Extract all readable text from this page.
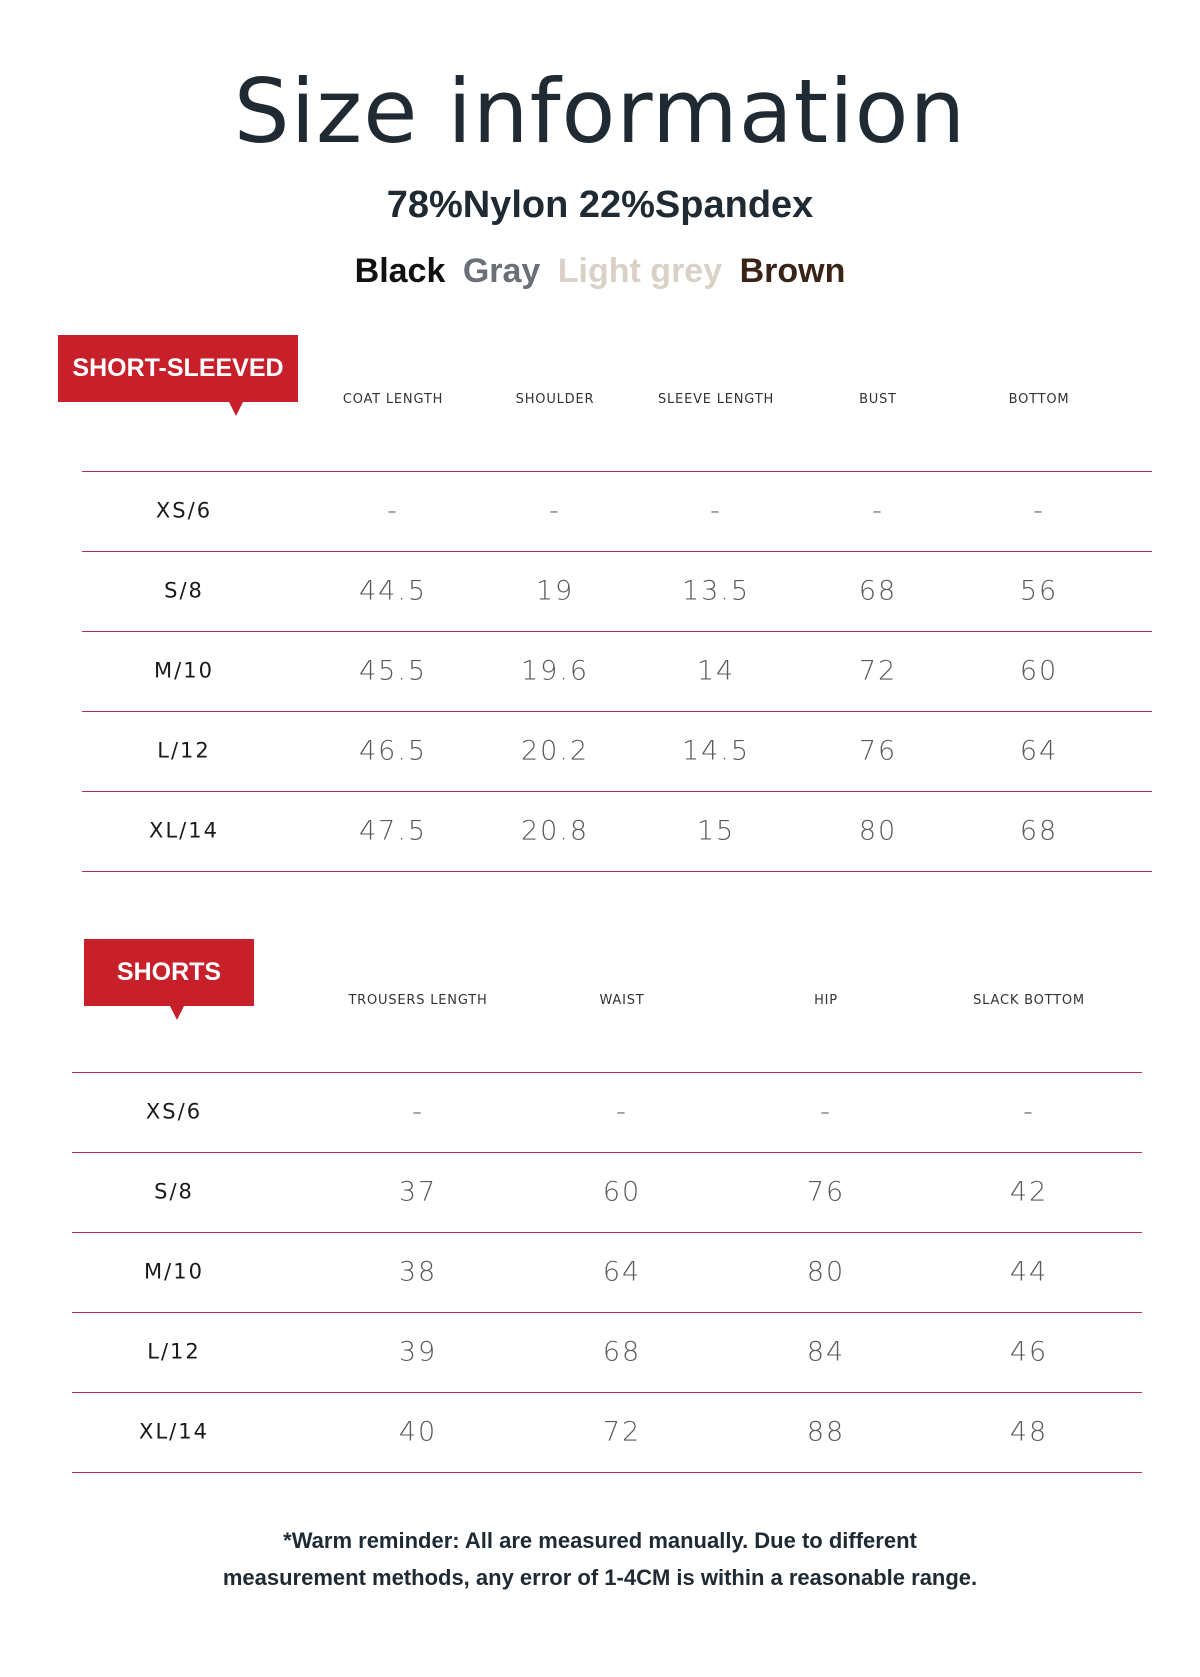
Size information
78%Nylon 22%Spandex
Black Gray Light grey Brown
SHORT-SLEEVED
SHORTS
COAT LENGTH	SHOULDER	SLEEVE LENGTH	BUST	BOTTOM
XS/6	-	-	-	-	-
S/8	44.5	19	13.5	68	56
M/10	45.5	19.6	14	72	60
L/12	46.5	20.2	14.5	76	64
XL/14	47.5	20.8	15	80	68
TROUSERS LENGTH	WAIST	HIP	SLACK BOTTOM
XS/6	-	-	-	-
S/8	37	60	76	42
M/10	38	64	80	44
L/12	39	68	84	46
XL/14	40	72	88	48
*Warm reminder: All are measured manually. Due to different
measurement methods, any error of 1-4CM is within a reasonable range.
